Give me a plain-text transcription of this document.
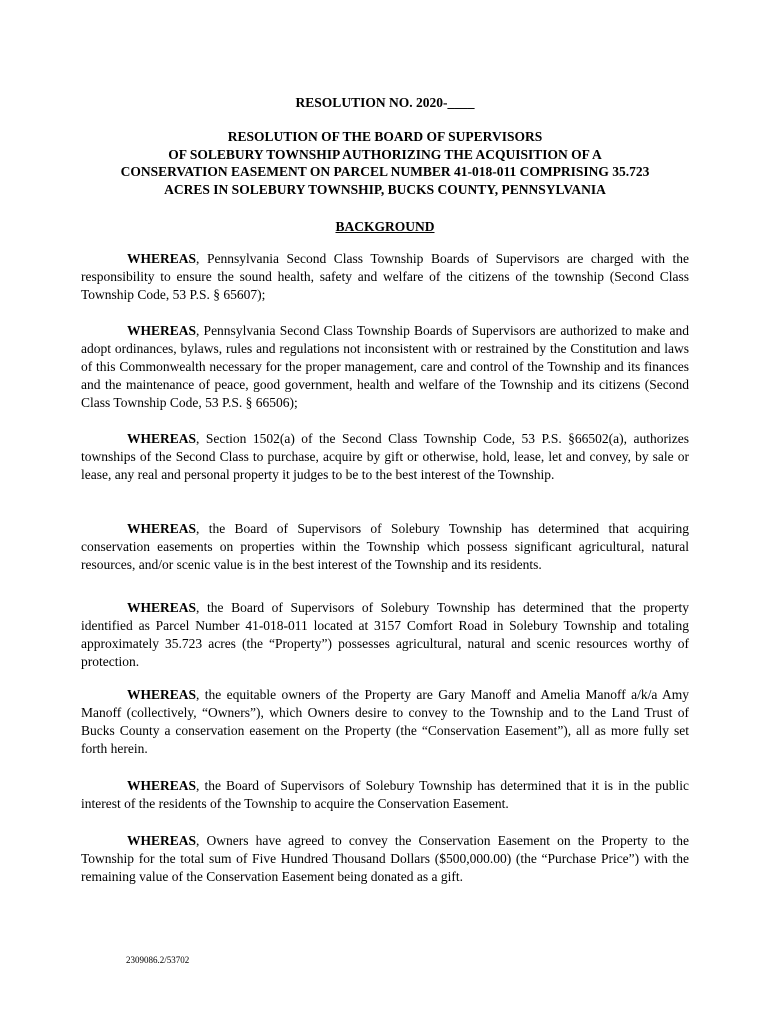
RESOLUTION NO. 2020-____
RESOLUTION OF THE BOARD OF SUPERVISORS
OF SOLEBURY TOWNSHIP AUTHORIZING THE ACQUISITION OF A
CONSERVATION EASEMENT ON PARCEL NUMBER 41-018-011 COMPRISING 35.723
ACRES IN SOLEBURY TOWNSHIP, BUCKS COUNTY, PENNSYLVANIA
BACKGROUND

WHEREAS, Pennsylvania Second Class Township Boards of Supervisors are charged with the responsibility to ensure the sound health, safety and welfare of the citizens of the township (Second Class Township Code, 53 P.S. § 65607);

WHEREAS, Pennsylvania Second Class Township Boards of Supervisors are authorized to make and adopt ordinances, bylaws, rules and regulations not inconsistent with or restrained by the Constitution and laws of this Commonwealth necessary for the proper management, care and control of the Township and its finances and the maintenance of peace, good government, health and welfare of the Township and its citizens (Second Class Township Code, 53 P.S. § 66506);

WHEREAS, Section 1502(a) of the Second Class Township Code, 53 P.S. §66502(a), authorizes townships of the Second Class to purchase, acquire by gift or otherwise, hold, lease, let and convey, by sale or lease, any real and personal property it judges to be to the best interest of the Township.

WHEREAS, the Board of Supervisors of Solebury Township has determined that acquiring conservation easements on properties within the Township which possess significant agricultural, natural resources, and/or scenic value is in the best interest of the Township and its residents.

WHEREAS, the Board of Supervisors of Solebury Township has determined that the property identified as Parcel Number 41-018-011 located at 3157 Comfort Road in Solebury Township and totaling approximately 35.723 acres (the “Property”) possesses agricultural, natural and scenic resources worthy of protection.

WHEREAS, the equitable owners of the Property are Gary Manoff and Amelia Manoff a/k/a Amy Manoff (collectively, “Owners”), which Owners desire to convey to the Township and to the Land Trust of Bucks County a conservation easement on the Property (the “Conservation Easement”), all as more fully set forth herein.

WHEREAS, the Board of Supervisors of Solebury Township has determined that it is in the public interest of the residents of the Township to acquire the Conservation Easement.

WHEREAS, Owners have agreed to convey the Conservation Easement on the Property to the Township for the total sum of Five Hundred Thousand Dollars ($500,000.00) (the “Purchase Price”) with the remaining value of the Conservation Easement being donated as a gift.

2309086.2/53702
